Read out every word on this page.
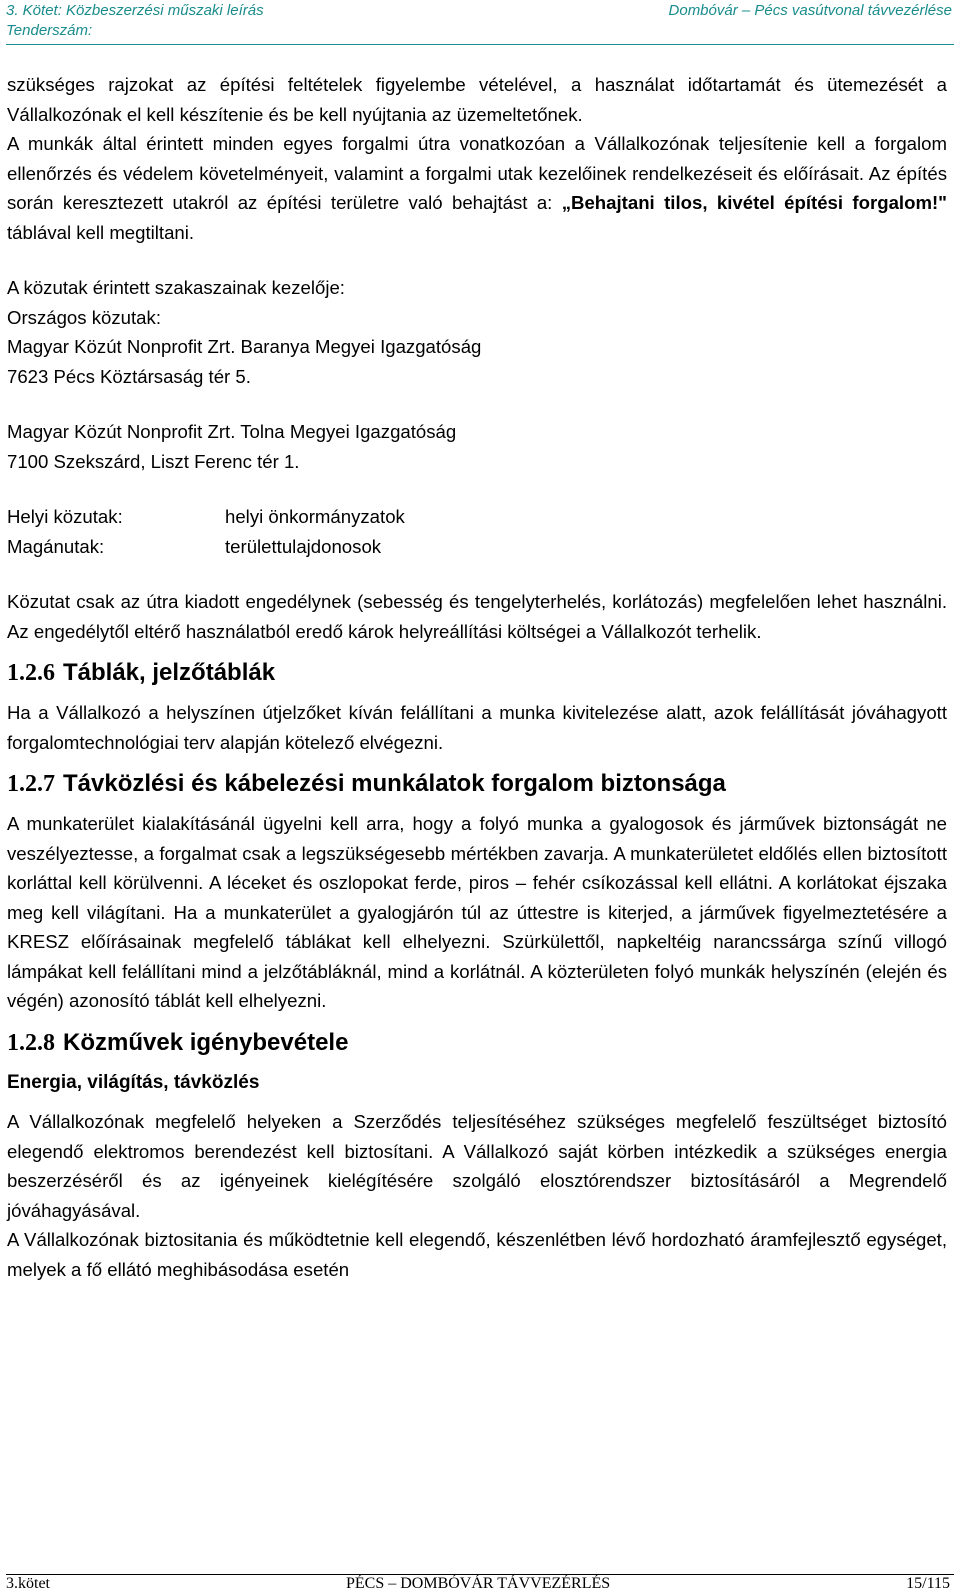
3. Kötet: Közbeszerzési műszaki leírás
Tenderszám:
Dombóvár – Pécs vasútvonal távvezérlése

szükséges rajzokat az építési feltételek figyelembe vételével, a használat időtartamát és ütemezését a Vállalkozónak el kell készítenie és be kell nyújtania az üzemeltetőnek.

A munkák által érintett minden egyes forgalmi útra vonatkozóan a Vállalkozónak teljesítenie kell a forgalom ellenőrzés és védelem követelményeit, valamint a forgalmi utak kezelőinek rendelkezéseit és előírásait. Az építés során keresztezett utakról az építési területre való behajtást a: „Behajtani tilos, kivétel építési forgalom!" táblával kell megtiltani.

A közutak érintett szakaszainak kezelője:
Országos közutak:
Magyar Közút Nonprofit Zrt. Baranya Megyei Igazgatóság
7623 Pécs Köztársaság tér 5.
Magyar Közút Nonprofit Zrt. Tolna Megyei Igazgatóság
7100 Szekszárd, Liszt Ferenc tér 1.
Helyi közutak:	helyi önkormányzatok
Magánutak:	területtulajdonosok

Közutat csak az útra kiadott engedélynek (sebesség és tengelyterhelés, korlátozás) megfelelően lehet használni. Az engedélytől eltérő használatból eredő károk helyreállítási költségei a Vállalkozót terhelik.

1.2.6 Táblák, jelzőtáblák

Ha a Vállalkozó a helyszínen útjelzőket kíván felállítani a munka kivitelezése alatt, azok felállítását jóváhagyott forgalomtechnológiai terv alapján kötelező elvégezni.

1.2.7 Távközlési és kábelezési munkálatok forgalom biztonsága

A munkaterület kialakításánál ügyelni kell arra, hogy a folyó munka a gyalogosok és járművek biztonságát ne veszélyeztesse, a forgalmat csak a legszükségesebb mértékben zavarja. A munkaterületet eldőlés ellen biztosított korláttal kell körülvenni. A léceket és oszlopokat ferde, piros – fehér csíkozással kell ellátni. A korlátokat éjszaka meg kell világítani. Ha a munkaterület a gyalogjárón túl az úttestre is kiterjed, a járművek figyelmeztetésére a KRESZ előírásainak megfelelő táblákat kell elhelyezni. Szürkülettől, napkeltéig narancssárga színű villogó lámpákat kell felállítani mind a jelzőtábláknál, mind a korlátnál. A közterületen folyó munkák helyszínén (elején és végén) azonosító táblát kell elhelyezni.

1.2.8 Közművek igénybevétele
Energia, világítás, távközlés

A Vállalkozónak megfelelő helyeken a Szerződés teljesítéséhez szükséges megfelelő feszültséget biztosító elegendő elektromos berendezést kell biztosítani. A Vállalkozó saját körben intézkedik a szükséges energia beszerzéséről és az igényeinek kielégítésére szolgáló elosztórendszer biztosításáról a Megrendelő jóváhagyásával.

A Vállalkozónak biztositania és működtetnie kell elegendő, készenlétben lévő hordozható áramfejlesztő egységet, melyek a fő ellátó meghibásodása esetén

3.kötet	PÉCS – DOMBÓVÁR TÁVVEZÉRLÉS	15/115
